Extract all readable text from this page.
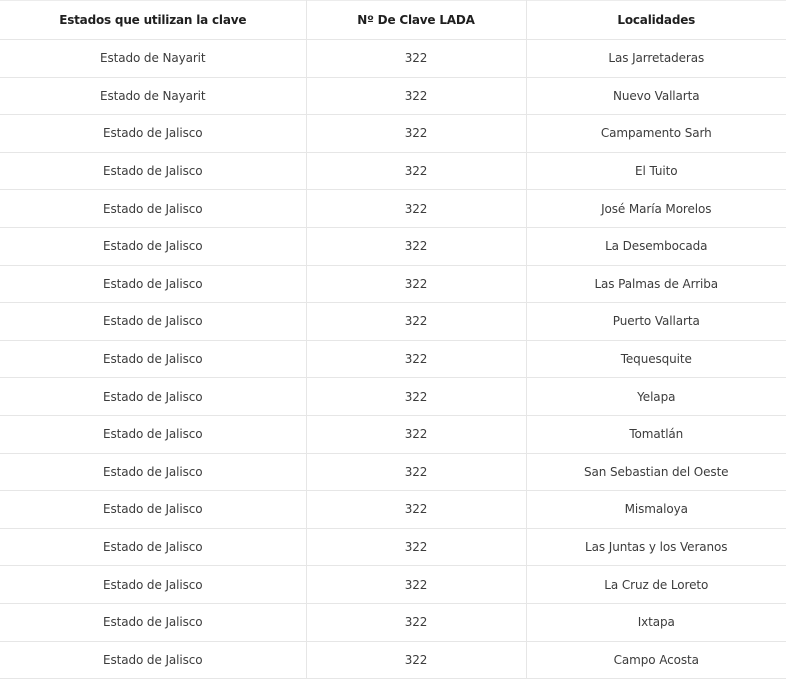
Estados que utilizan la clave	Nº De Clave LADA	Localidades
Estado de Nayarit	322	Las Jarretaderas
Estado de Nayarit	322	Nuevo Vallarta
Estado de Jalisco	322	Campamento Sarh
Estado de Jalisco	322	El Tuito
Estado de Jalisco	322	José María Morelos
Estado de Jalisco	322	La Desembocada
Estado de Jalisco	322	Las Palmas de Arriba
Estado de Jalisco	322	Puerto Vallarta
Estado de Jalisco	322	Tequesquite
Estado de Jalisco	322	Yelapa
Estado de Jalisco	322	Tomatlán
Estado de Jalisco	322	San Sebastian del Oeste
Estado de Jalisco	322	Mismaloya
Estado de Jalisco	322	Las Juntas y los Veranos
Estado de Jalisco	322	La Cruz de Loreto
Estado de Jalisco	322	Ixtapa
Estado de Jalisco	322	Campo Acosta
